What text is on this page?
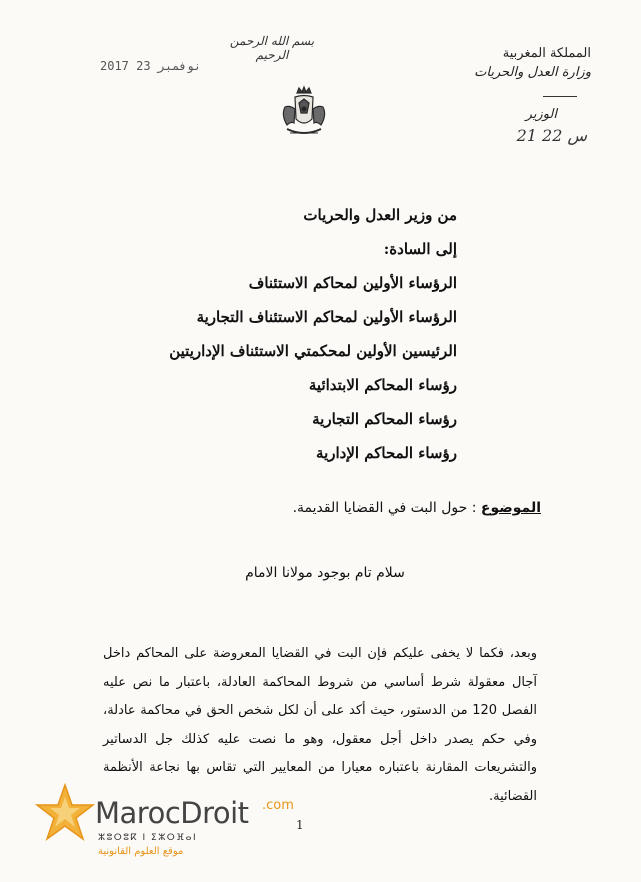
بسم الله الرحمن الرحيم
2017 نوفمبر 23
المملكة المغربية
وزارة العدل والحريات
الوزير
21 س 22
من وزير العدل والحريات
إلى السادة:
الرؤساء الأولين لمحاكم الاستئناف
الرؤساء الأولين لمحاكم الاستئناف التجارية
الرئيسين الأولين لمحكمتي الاستئناف الإداريتين
رؤساء المحاكم الابتدائية
رؤساء المحاكم التجارية
رؤساء المحاكم الإدارية
الموضوع : حول البت في القضايا القديمة.
سلام تام بوجود مولانا الامام
وبعد، فكما لا يخفى عليكم فإن البت في القضايا المعروضة على المحاكم داخل آجال معقولة شرط أساسي من شروط المحاكمة العادلة، باعتبار ما نص عليه الفصل 120 من الدستور، حيث أكد على أن لكل شخص الحق في محاكمة عادلة، وفي حكم يصدر داخل أجل معقول، وهو ما نصت عليه كذلك جل الدساتير والتشريعات المقارنة باعتباره معيارا من المعايير التي تقاس بها نجاعة الأنظمة القضائية.
1
MarocDroit .com
ⵣⵓⵔⵓⴽ ⵏ ⵉⵣⵔⴼⴰⵏ
موقع العلوم القانونية
